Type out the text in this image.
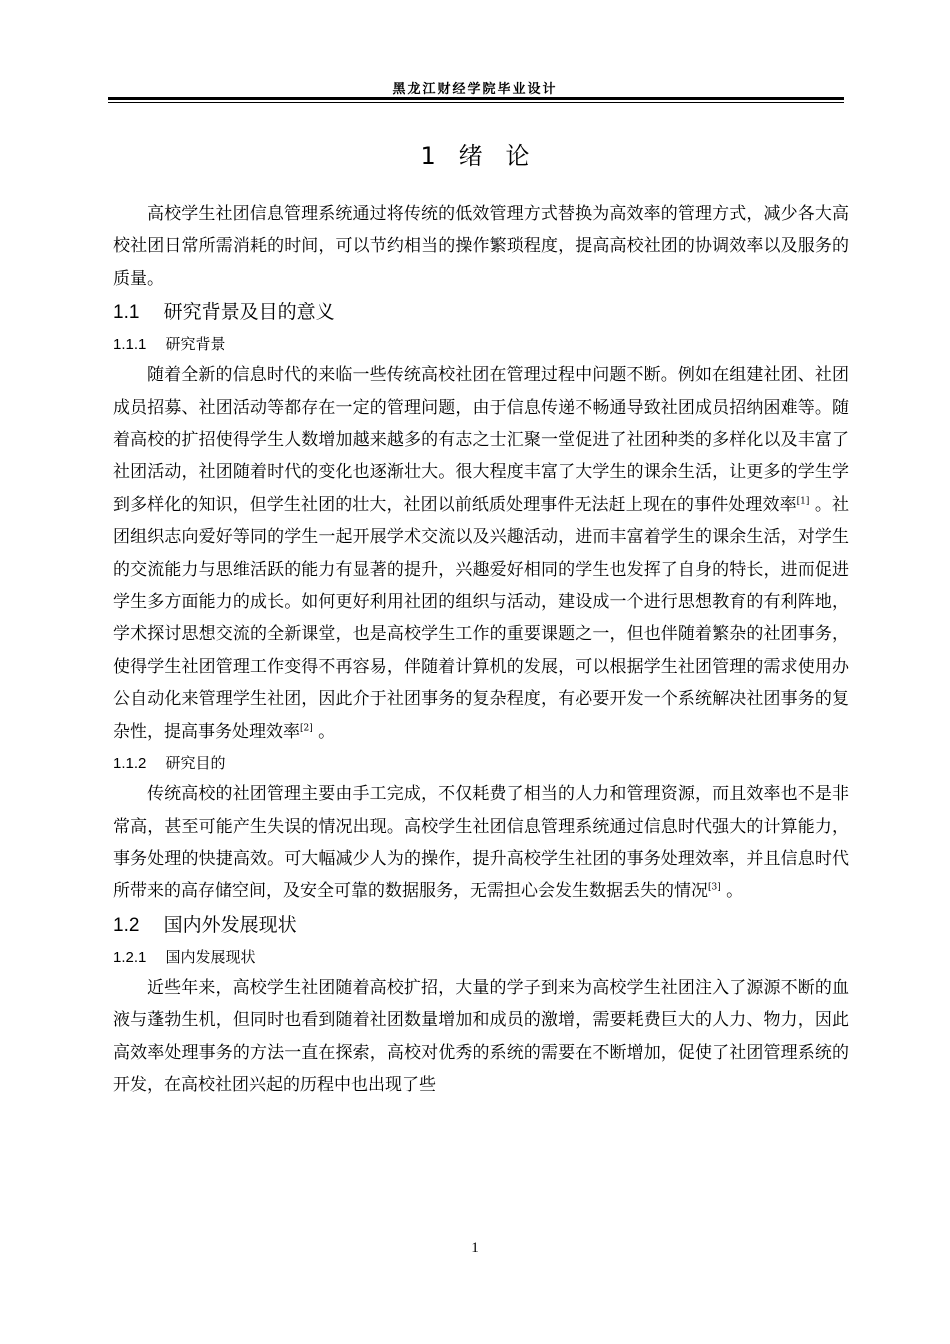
黑龙江财经学院毕业设计
1 绪   论

高校学生社团信息管理系统通过将传统的低效管理方式替换为高效率的管理方式，减少各大高校社团日常所需消耗的时间，可以节约相当的操作繁琐程度，提高高校社团的协调效率以及服务的质量。

1.1 研究背景及目的意义
1.1.1 研究背景

随着全新的信息时代的来临一些传统高校社团在管理过程中问题不断。例如在组建社团、社团成员招募、社团活动等都存在一定的管理问题，由于信息传递不畅通导致社团成员招纳困难等。随着高校的扩招使得学生人数增加越来越多的有志之士汇聚一堂促进了社团种类的多样化以及丰富了社团活动，社团随着时代的变化也逐渐壮大。很大程度丰富了大学生的课余生活，让更多的学生学到多样化的知识，但学生社团的壮大，社团以前纸质处理事件无法赶上现在的事件处理效率[1] 。社团组织志向爱好等同的学生一起开展学术交流以及兴趣活动，进而丰富着学生的课余生活，对学生的交流能力与思维活跃的能力有显著的提升，兴趣爱好相同的学生也发挥了自身的特长，进而促进学生多方面能力的成长。如何更好利用社团的组织与活动，建设成一个进行思想教育的有利阵地，学术探讨思想交流的全新课堂，也是高校学生工作的重要课题之一，但也伴随着繁杂的社团事务，使得学生社团管理工作变得不再容易，伴随着计算机的发展，可以根据学生社团管理的需求使用办公自动化来管理学生社团，因此介于社团事务的复杂程度，有必要开发一个系统解决社团事务的复杂性，提高事务处理效率[2] 。

1.1.2 研究目的

传统高校的社团管理主要由手工完成，不仅耗费了相当的人力和管理资源，而且效率也不是非常高，甚至可能产生失误的情况出现。高校学生社团信息管理系统通过信息时代强大的计算能力，事务处理的快捷高效。可大幅减少人为的操作，提升高校学生社团的事务处理效率，并且信息时代所带来的高存储空间，及安全可靠的数据服务，无需担心会发生数据丢失的情况[3] 。

1.2 国内外发展现状
1.2.1 国内发展现状

近些年来，高校学生社团随着高校扩招，大量的学子到来为高校学生社团注入了源源不断的血液与蓬勃生机，但同时也看到随着社团数量增加和成员的激增，需要耗费巨大的人力、物力，因此高效率处理事务的方法一直在探索，高校对优秀的系统的需要在不断增加，促使了社团管理系统的开发，在高校社团兴起的历程中也出现了些

1
